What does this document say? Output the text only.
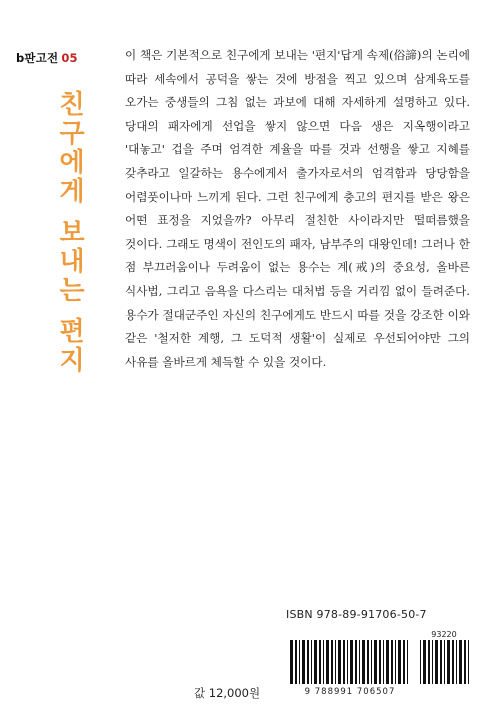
b판고전 05
친
구
에
게
보
내
는
편
지

이 책은 기본적으로 친구에게 보내는 '편지'답게 속제(俗諦)의 논리에 따라 세속에서 공덕을 쌓는 것에 방점을 찍고 있으며 삼계육도를 오가는 중생들의 그침 없는 과보에 대해 자세하게 설명하고 있다. 당대의 패자에게 선업을 쌓지 않으면 다음 생은 지옥행이라고 '대놓고' 겁을 주며 엄격한 계율을 따를 것과 선행을 쌓고 지혜를 갖추라고 일갈하는 용수에게서 출가자로서의 엄격함과 당당함을 어렴풋이나마 느끼게 된다. 그런 친구에게 충고의 편지를 받은 왕은 어떤 표정을 지었을까? 아무리 절친한 사이라지만 떨떠름했을 것이다. 그래도 명색이 전인도의 패자, 남부주의 대왕인데! 그러나 한 점 부끄러움이나 두려움이 없는 용수는 계(戒)의 중요성, 올바른 식사법, 그리고 음욕을 다스리는 대처법 등을 거리낌 없이 들려준다. 용수가 절대군주인 자신의 친구에게도 반드시 따를 것을 강조한 이와 같은 '철저한 계행, 그 도덕적 생활'이 실제로 우선되어야만 그의 사유를 올바르게 체득할 수 있을 것이다.

ISBN 978-89-91706-50-7
93220
9 788991 706507
값 12,000원
